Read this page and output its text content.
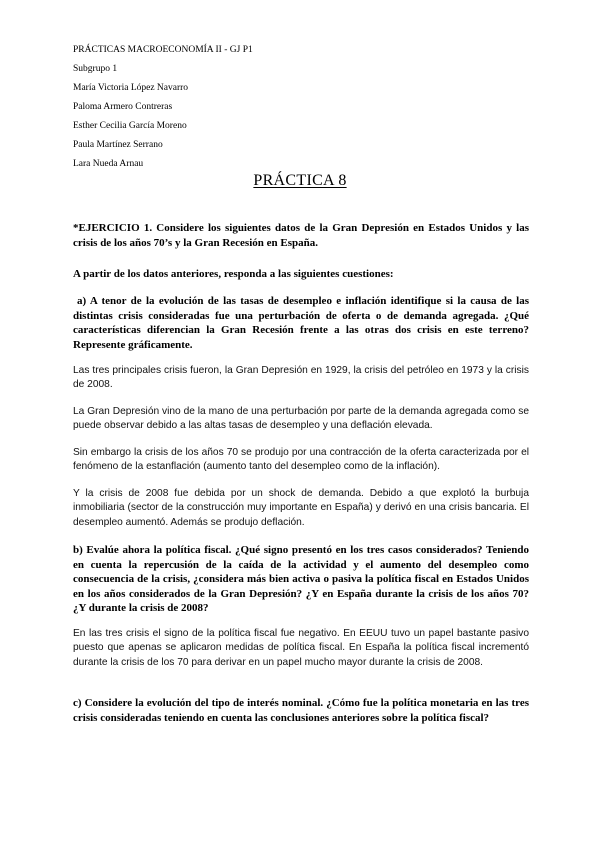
PRÁCTICAS MACROECONOMÍA II - GJ P1
Subgrupo 1
María Victoria López Navarro
Paloma Armero Contreras
Esther Cecilia García Moreno
Paula Martínez Serrano
Lara Nueda Arnau
PRÁCTICA 8

*EJERCICIO 1. Considere los siguientes datos de la Gran Depresión en Estados Unidos y las crisis de los años 70’s y la Gran Recesión en España.

A partir de los datos anteriores, responda a las siguientes cuestiones:

a) A tenor de la evolución de las tasas de desempleo e inflación identifique si la causa de las distintas crisis consideradas fue una perturbación de oferta o de demanda agregada. ¿Qué características diferencian la Gran Recesión frente a las otras dos crisis en este terreno? Represente gráficamente.

Las tres principales crisis fueron, la Gran Depresión en 1929, la crisis del petróleo en 1973 y la crisis de 2008.

La Gran Depresión vino de la mano de una perturbación por parte de la demanda agregada como se puede observar debido a las altas tasas de desempleo y una deflación elevada.

Sin embargo la crisis de los años 70 se produjo por una contracción de la oferta caracterizada por el fenómeno de la estanflación (aumento tanto del desempleo como de la inflación).

Y la crisis de 2008 fue debida por un shock de demanda. Debido a que explotó la burbuja inmobiliaria (sector de la construcción muy importante en España) y derivó en una crisis bancaria. El desempleo aumentó. Además se produjo deflación.

b) Evalúe ahora la política fiscal. ¿Qué signo presentó en los tres casos considerados? Teniendo en cuenta la repercusión de la caída de la actividad y el aumento del desempleo como consecuencia de la crisis, ¿considera más bien activa o pasiva la política fiscal en Estados Unidos en los años considerados de la Gran Depresión? ¿Y en España durante la crisis de los años 70? ¿Y durante la crisis de 2008?

En las tres crisis el signo de la política fiscal fue negativo. En EEUU tuvo un papel bastante pasivo puesto que apenas se aplicaron medidas de política fiscal. En España la política fiscal incrementó durante la crisis de los 70 para derivar en un papel mucho mayor durante la crisis de 2008.

c) Considere la evolución del tipo de interés nominal. ¿Cómo fue la política monetaria en las tres crisis consideradas teniendo en cuenta las conclusiones anteriores sobre la política fiscal?
